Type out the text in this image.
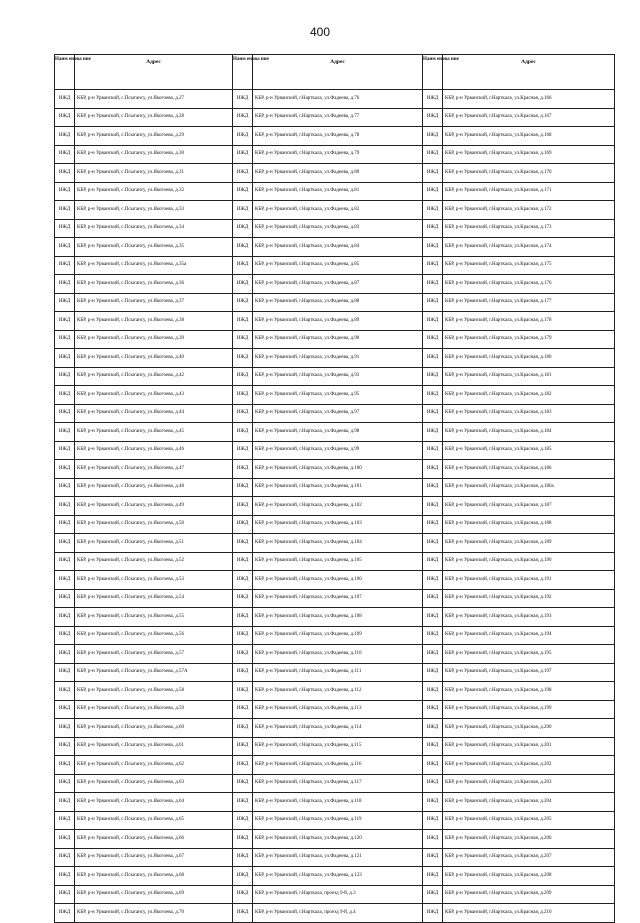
400
Наим енова ние	Адрес
ИЖД	КБР, р-н Урванский, с.Псыгансу, ул.Якогоева, д.27
ИЖД	КБР, р-н Урванский, с.Псыгансу, ул.Якогоева, д.28
ИЖД	КБР, р-н Урванский, с.Псыгансу, ул.Якогоева, д.29
ИЖД	КБР, р-н Урванский, с.Псыгансу, ул.Якогоева, д.30
ИЖД	КБР, р-н Урванский, с.Псыгансу, ул.Якогоева, д.31
ИЖД	КБР, р-н Урванский, с.Псыгансу, ул.Якогоева, д.32
ИЖД	КБР, р-н Урванский, с.Псыгансу, ул.Якогоева, д.33
ИЖД	КБР, р-н Урванский, с.Псыгансу, ул.Якогоева, д.34
ИЖД	КБР, р-н Урванский, с.Псыгансу, ул.Якогоева, д.35
ИЖД	КБР, р-н Урванский, с.Псыгансу, ул.Якогоева, д.35а
ИЖД	КБР, р-н Урванский, с.Псыгансу, ул.Якогоева, д.36
ИЖД	КБР, р-н Урванский, с.Псыгансу, ул.Якогоева, д.37
ИЖД	КБР, р-н Урванский, с.Псыгансу, ул.Якогоева, д.38
ИЖД	КБР, р-н Урванский, с.Псыгансу, ул.Якогоева, д.39
ИЖД	КБР, р-н Урванский, с.Псыгансу, ул.Якогоева, д.40
ИЖД	КБР, р-н Урванский, с.Псыгансу, ул.Якогоева, д.42
ИЖД	КБР, р-н Урванский, с.Псыгансу, ул.Якогоева, д.43
ИЖД	КБР, р-н Урванский, с.Псыгансу, ул.Якогоева, д.44
ИЖД	КБР, р-н Урванский, с.Псыгансу, ул.Якогоева, д.45
ИЖД	КБР, р-н Урванский, с.Псыгансу, ул.Якогоева, д.46
ИЖД	КБР, р-н Урванский, с.Псыгансу, ул.Якогоева, д.47
ИЖД	КБР, р-н Урванский, с.Псыгансу, ул.Якогоева, д.48
ИЖД	КБР, р-н Урванский, с.Псыгансу, ул.Якогоева, д.49
ИЖД	КБР, р-н Урванский, с.Псыгансу, ул.Якогоева, д.50
ИЖД	КБР, р-н Урванский, с.Псыгансу, ул.Якогоева, д.51
ИЖД	КБР, р-н Урванский, с.Псыгансу, ул.Якогоева, д.52
ИЖД	КБР, р-н Урванский, с.Псыгансу, ул.Якогоева, д.53
ИЖД	КБР, р-н Урванский, с.Псыгансу, ул.Якогоева, д.54
ИЖД	КБР, р-н Урванский, с.Псыгансу, ул.Якогоева, д.55
ИЖД	КБР, р-н Урванский, с.Псыгансу, ул.Якогоева, д.56
ИЖД	КБР, р-н Урванский, с.Псыгансу, ул.Якогоева, д.57
ИЖД	КБР, р-н Урванский, с.Псыгансу, ул.Якогоева, д.57А
ИЖД	КБР, р-н Урванский, с.Псыгансу, ул.Якогоева, д.58
ИЖД	КБР, р-н Урванский, с.Псыгансу, ул.Якогоева, д.59
ИЖД	КБР, р-н Урванский, с.Псыгансу, ул.Якогоева, д.60
ИЖД	КБР, р-н Урванский, с.Псыгансу, ул.Якогоева, д.61
ИЖД	КБР, р-н Урванский, с.Псыгансу, ул.Якогоева, д.62
ИЖД	КБР, р-н Урванский, с.Псыгансу, ул.Якогоева, д.63
ИЖД	КБР, р-н Урванский, с.Псыгансу, ул.Якогоева, д.64
ИЖД	КБР, р-н Урванский, с.Псыгансу, ул.Якогоева, д.65
ИЖД	КБР, р-н Урванский, с.Псыгансу, ул.Якогоева, д.66
ИЖД	КБР, р-н Урванский, с.Псыгансу, ул.Якогоева, д.67
ИЖД	КБР, р-н Урванский, с.Псыгансу, ул.Якогоева, д.68
ИЖД	КБР, р-н Урванский, с.Псыгансу, ул.Якогоева, д.69
ИЖД	КБР, р-н Урванский, с.Псыгансу, ул.Якогоева, д.70
Наим енова ние	Адрес
ИЖД	КБР, р-н Урванский, г.Нарткала, ул.Фадеева, д.76
ИЖД	КБР, р-н Урванский, г.Нарткала, ул.Фадеева, д.77
ИЖД	КБР, р-н Урванский, г.Нарткала, ул.Фадеева, д.78
ИЖД	КБР, р-н Урванский, г.Нарткала, ул.Фадеева, д.79
ИЖД	КБР, р-н Урванский, г.Нарткала, ул.Фадеева, д.80
ИЖД	КБР, р-н Урванский, г.Нарткала, ул.Фадеева, д.81
ИЖД	КБР, р-н Урванский, г.Нарткала, ул.Фадеева, д.82
ИЖД	КБР, р-н Урванский, г.Нарткала, ул.Фадеева, д.83
ИЖД	КБР, р-н Урванский, г.Нарткала, ул.Фадеева, д.84
ИЖД	КБР, р-н Урванский, г.Нарткала, ул.Фадеева, д.85
ИЖД	КБР, р-н Урванский, г.Нарткала, ул.Фадеева, д.87
ИЖД	КБР, р-н Урванский, г.Нарткала, ул.Фадеева, д.88
ИЖД	КБР, р-н Урванский, г.Нарткала, ул.Фадеева, д.89
ИЖД	КБР, р-н Урванский, г.Нарткала, ул.Фадеева, д.90
ИЖД	КБР, р-н Урванский, г.Нарткала, ул.Фадеева, д.91
ИЖД	КБР, р-н Урванский, г.Нарткала, ул.Фадеева, д.93
ИЖД	КБР, р-н Урванский, г.Нарткала, ул.Фадеева, д.95
ИЖД	КБР, р-н Урванский, г.Нарткала, ул.Фадеева, д.97
ИЖД	КБР, р-н Урванский, г.Нарткала, ул.Фадеева, д.98
ИЖД	КБР, р-н Урванский, г.Нарткала, ул.Фадеева, д.99
ИЖД	КБР, р-н Урванский, г.Нарткала, ул.Фадеева, д.100
ИЖД	КБР, р-н Урванский, г.Нарткала, ул.Фадеева, д.101
ИЖД	КБР, р-н Урванский, г.Нарткала, ул.Фадеева, д.102
ИЖД	КБР, р-н Урванский, г.Нарткала, ул.Фадеева, д.103
ИЖД	КБР, р-н Урванский, г.Нарткала, ул.Фадеева, д.104
ИЖД	КБР, р-н Урванский, г.Нарткала, ул.Фадеева, д.105
ИЖД	КБР, р-н Урванский, г.Нарткала, ул.Фадеева, д.106
ИЖД	КБР, р-н Урванский, г.Нарткала, ул.Фадеева, д.107
ИЖД	КБР, р-н Урванский, г.Нарткала, ул.Фадеева, д.108
ИЖД	КБР, р-н Урванский, г.Нарткала, ул.Фадеева, д.109
ИЖД	КБР, р-н Урванский, г.Нарткала, ул.Фадеева, д.110
ИЖД	КБР, р-н Урванский, г.Нарткала, ул.Фадеева, д.111
ИЖД	КБР, р-н Урванский, г.Нарткала, ул.Фадеева, д.112
ИЖД	КБР, р-н Урванский, г.Нарткала, ул.Фадеева, д.113
ИЖД	КБР, р-н Урванский, г.Нарткала, ул.Фадеева, д.114
ИЖД	КБР, р-н Урванский, г.Нарткала, ул.Фадеева, д.115
ИЖД	КБР, р-н Урванский, г.Нарткала, ул.Фадеева, д.116
ИЖД	КБР, р-н Урванский, г.Нарткала, ул.Фадеева, д.117
ИЖД	КБР, р-н Урванский, г.Нарткала, ул.Фадеева, д.118
ИЖД	КБР, р-н Урванский, г.Нарткала, ул.Фадеева, д.119
ИЖД	КБР, р-н Урванский, г.Нарткала, ул.Фадеева, д.120
ИЖД	КБР, р-н Урванский, г.Нарткала, ул.Фадеева, д.121
ИЖД	КБР, р-н Урванский, г.Нарткала, ул.Фадеева, д.123
ИЖД	КБР, р-н Урванский, г.Нарткала, проезд 9-й, д.3
ИЖД	КБР, р-н Урванский, г.Нарткала, проезд 9-й, д.4
Наим енова ние	Адрес
ИЖД	КБР, р-н Урванский, г.Нарткала, ул.Красная, д.166
ИЖД	КБР, р-н Урванский, г.Нарткала, ул.Красная, д.167
ИЖД	КБР, р-н Урванский, г.Нарткала, ул.Красная, д.168
ИЖД	КБР, р-н Урванский, г.Нарткала, ул.Красная, д.169
ИЖД	КБР, р-н Урванский, г.Нарткала, ул.Красная, д.170
ИЖД	КБР, р-н Урванский, г.Нарткала, ул.Красная, д.171
ИЖД	КБР, р-н Урванский, г.Нарткала, ул.Красная, д.172
ИЖД	КБР, р-н Урванский, г.Нарткала, ул.Красная, д.173
ИЖД	КБР, р-н Урванский, г.Нарткала, ул.Красная, д.174
ИЖД	КБР, р-н Урванский, г.Нарткала, ул.Красная, д.175
ИЖД	КБР, р-н Урванский, г.Нарткала, ул.Красная, д.176
ИЖД	КБР, р-н Урванский, г.Нарткала, ул.Красная, д.177
ИЖД	КБР, р-н Урванский, г.Нарткала, ул.Красная, д.178
ИЖД	КБР, р-н Урванский, г.Нарткала, ул.Красная, д.179
ИЖД	КБР, р-н Урванский, г.Нарткала, ул.Красная, д.180
ИЖД	КБР, р-н Урванский, г.Нарткала, ул.Красная, д.181
ИЖД	КБР, р-н Урванский, г.Нарткала, ул.Красная, д.182
ИЖД	КБР, р-н Урванский, г.Нарткала, ул.Красная, д.183
ИЖД	КБР, р-н Урванский, г.Нарткала, ул.Красная, д.184
ИЖД	КБР, р-н Урванский, г.Нарткала, ул.Красная, д.185
ИЖД	КБР, р-н Урванский, г.Нарткала, ул.Красная, д.186
ИЖД	КБР, р-н Урванский, г.Нарткала, ул.Красная, д.186а
ИЖД	КБР, р-н Урванский, г.Нарткала, ул.Красная, д.187
ИЖД	КБР, р-н Урванский, г.Нарткала, ул.Красная, д.188
ИЖД	КБР, р-н Урванский, г.Нарткала, ул.Красная, д.189
ИЖД	КБР, р-н Урванский, г.Нарткала, ул.Красная, д.190
ИЖД	КБР, р-н Урванский, г.Нарткала, ул.Красная, д.191
ИЖД	КБР, р-н Урванский, г.Нарткала, ул.Красная, д.192
ИЖД	КБР, р-н Урванский, г.Нарткала, ул.Красная, д.193
ИЖД	КБР, р-н Урванский, г.Нарткала, ул.Красная, д.194
ИЖД	КБР, р-н Урванский, г.Нарткала, ул.Красная, д.195
ИЖД	КБР, р-н Урванский, г.Нарткала, ул.Красная, д.197
ИЖД	КБР, р-н Урванский, г.Нарткала, ул.Красная, д.198
ИЖД	КБР, р-н Урванский, г.Нарткала, ул.Красная, д.199
ИЖД	КБР, р-н Урванский, г.Нарткала, ул.Красная, д.200
ИЖД	КБР, р-н Урванский, г.Нарткала, ул.Красная, д.201
ИЖД	КБР, р-н Урванский, г.Нарткала, ул.Красная, д.202
ИЖД	КБР, р-н Урванский, г.Нарткала, ул.Красная, д.203
ИЖД	КБР, р-н Урванский, г.Нарткала, ул.Красная, д.204
ИЖД	КБР, р-н Урванский, г.Нарткала, ул.Красная, д.205
ИЖД	КБР, р-н Урванский, г.Нарткала, ул.Красная, д.206
ИЖД	КБР, р-н Урванский, г.Нарткала, ул.Красная, д.207
ИЖД	КБР, р-н Урванский, г.Нарткала, ул.Красная, д.208
ИЖД	КБР, р-н Урванский, г.Нарткала, ул.Красная, д.209
ИЖД	КБР, р-н Урванский, г.Нарткала, ул.Красная, д.210
